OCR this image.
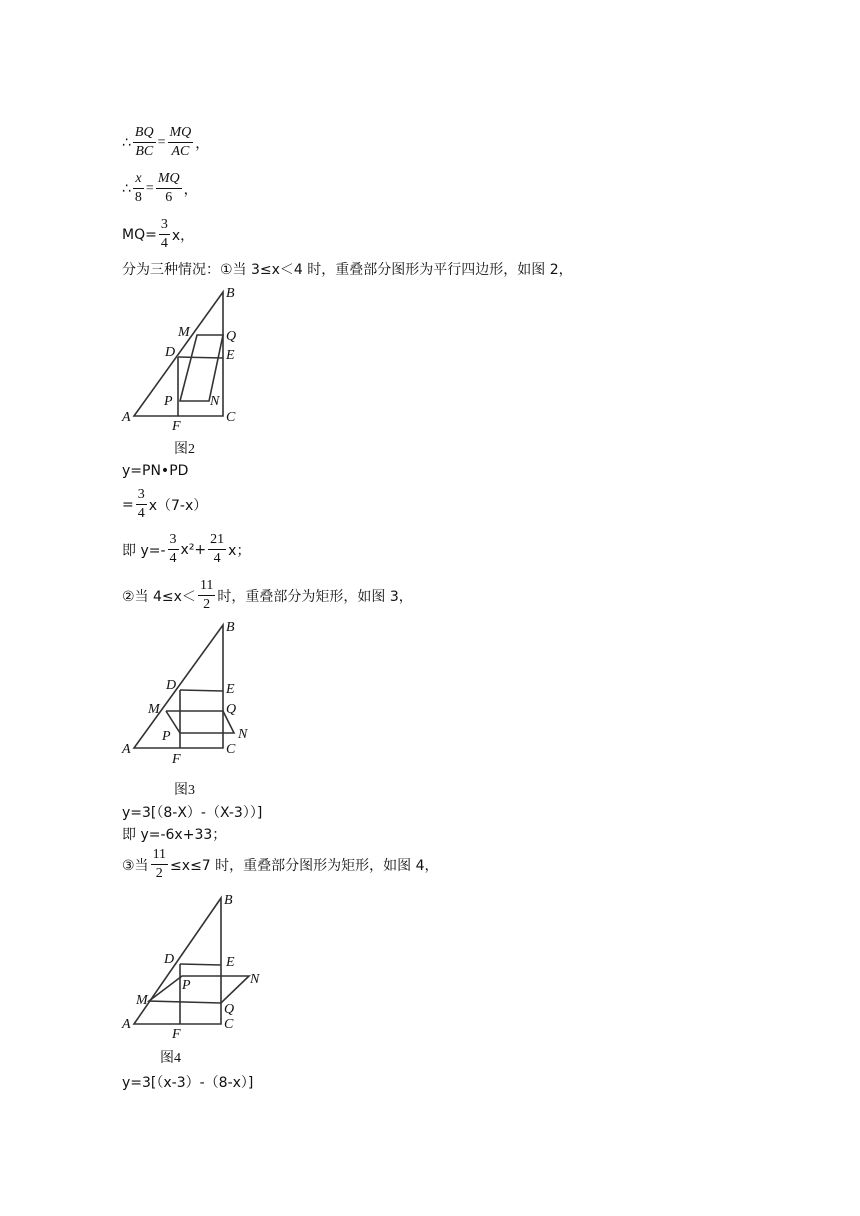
∴ $\frac{BQ}{BC} = \frac{MQ}{AC}$ ，
∴ $\frac{x}{8} = \frac{MQ}{6}$ ，
$MQ= \frac{3}{4}$ x，
分为三种情况：①当 3≤x＜4 时，重叠部分图形为平行四边形，如图 2，
B
M	Q
D	E
P	N
A	C
F
图2
y=PN•PD
= $\frac{3}{4} x(7-x)$
即 $y=- \frac{3}{4} x^2+ \frac{21}{4}$ x；
②当 $4\le x< \frac{11}{2}$ 时，重叠部分为矩形，如图 3，
B
D	E
M	Q
P	N
A	C
F
图3
y=3[（8-X）-（X-3））]
即 y=-6x+33；
③当 $\frac{11}{2} \le x\le 7$ 时，重叠部分图形为矩形，如图 4，
B
D	E
N
P
M
Q
A	C
F
图4
y=3[（x-3）-（8-x）]
